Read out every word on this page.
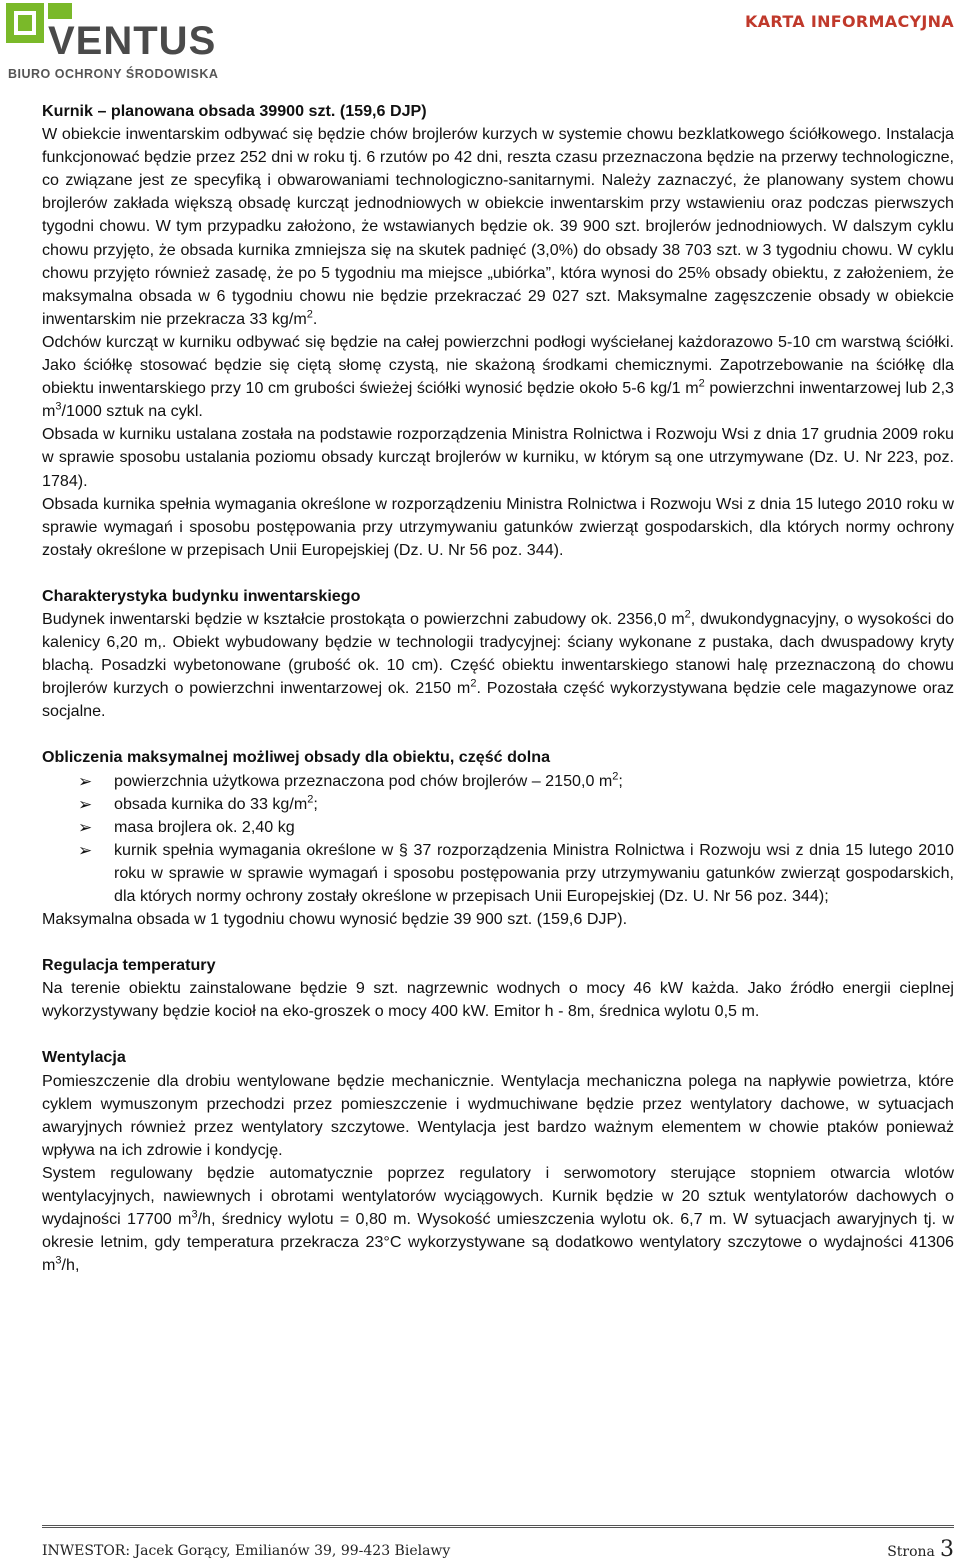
VENTUS
BIURO OCHRONY ŚRODOWISKA
KARTA INFORMACYJNA
Kurnik – planowana obsada 39900 szt. (159,6 DJP)

W obiekcie inwentarskim odbywać się będzie chów brojlerów kurzych w systemie chowu bezklatkowego ściółkowego. Instalacja funkcjonować będzie przez 252 dni w roku tj. 6 rzutów po 42 dni, reszta czasu przeznaczona będzie na przerwy technologiczne, co związane jest ze specyfiką i obwarowaniami technologiczno-sanitarnymi. Należy zaznaczyć, że planowany system chowu brojlerów zakłada większą obsadę kurcząt jednodniowych w obiekcie inwentarskim przy wstawieniu oraz podczas pierwszych tygodni chowu. W tym przypadku założono, że wstawianych będzie ok. 39 900 szt. brojlerów jednodniowych. W dalszym cyklu chowu przyjęto, że obsada kurnika zmniejsza się na skutek padnięć (3,0%) do obsady 38 703 szt. w 3 tygodniu chowu. W cyklu chowu przyjęto również zasadę, że po 5 tygodniu ma miejsce „ubiórka”, która wynosi do 25% obsady obiektu, z założeniem, że maksymalna obsada w 6 tygodniu chowu nie będzie przekraczać 29 027 szt. Maksymalne zagęszczenie obsady w obiekcie inwentarskim nie przekracza 33 $kg/m^2$.

Odchów kurcząt w kurniku odbywać się będzie na całej powierzchni podłogi wyściełanej każdorazowo 5-10 cm warstwą ściółki. Jako ściółkę stosować będzie się ciętą słomę czystą, nie skażoną środkami chemicznymi. Zapotrzebowanie na ściółkę dla obiektu inwentarskiego przy 10 cm grubości świeżej ściółki wynosić będzie około 5-6 kg/1 $m^2$ powierzchni inwentarzowej lub 2,3 $m^3/1000$ sztuk na cykl.

Obsada w kurniku ustalana została na podstawie rozporządzenia Ministra Rolnictwa i Rozwoju Wsi z dnia 17 grudnia 2009 roku w sprawie sposobu ustalania poziomu obsady kurcząt brojlerów w kurniku, w którym są one utrzymywane (Dz. U. Nr 223, poz. 1784).

Obsada kurnika spełnia wymagania określone w rozporządzeniu Ministra Rolnictwa i Rozwoju Wsi z dnia 15 lutego 2010 roku w sprawie wymagań i sposobu postępowania przy utrzymywaniu gatunków zwierząt gospodarskich, dla których normy ochrony zostały określone w przepisach Unii Europejskiej (Dz. U. Nr 56 poz. 344).

Charakterystyka budynku inwentarskiego

Budynek inwentarski będzie w kształcie prostokąta o powierzchni zabudowy ok. 2356,0 $m^2$, dwukondygnacyjny, o wysokości do kalenicy 6,20 m,. Obiekt wybudowany będzie w technologii tradycyjnej: ściany wykonane z pustaka, dach dwuspadowy kryty blachą. Posadzki wybetonowane (grubość ok. 10 cm). Część obiektu inwentarskiego stanowi halę przeznaczoną do chowu brojlerów kurzych o powierzchni inwentarzowej ok. 2150 $m^2$. Pozostała część wykorzystywana będzie cele magazynowe oraz socjalne.

Obliczenia maksymalnej możliwej obsady dla obiektu, część dolna
➢ powierzchnia użytkowa przeznaczona pod chów brojlerów – 2150,0 $m^2$;
➢ obsada kurnika do 33 $kg/m^2$;
➢ masa brojlera ok. 2,40 kg
➢ kurnik spełnia wymagania określone w § 37 rozporządzenia Ministra Rolnictwa i Rozwoju wsi z dnia 15 lutego 2010 roku w sprawie w sprawie wymagań i sposobu postępowania przy utrzymywaniu gatunków zwierząt gospodarskich, dla których normy ochrony zostały określone w przepisach Unii Europejskiej (Dz. U. Nr 56 poz. 344);

Maksymalna obsada w 1 tygodniu chowu wynosić będzie 39 900 szt. (159,6 DJP).

Regulacja temperatury

Na terenie obiektu zainstalowane będzie 9 szt. nagrzewnic wodnych o mocy 46 kW każda. Jako źródło energii cieplnej wykorzystywany będzie kocioł na eko-groszek o mocy 400 kW. Emitor h - 8m, średnica wylotu 0,5 m.

Wentylacja

Pomieszczenie dla drobiu wentylowane będzie mechanicznie. Wentylacja mechaniczna polega na napływie powietrza, które cyklem wymuszonym przechodzi przez pomieszczenie i wydmuchiwane będzie przez wentylatory dachowe, w sytuacjach awaryjnych również przez wentylatory szczytowe. Wentylacja jest bardzo ważnym elementem w chowie ptaków ponieważ wpływa na ich zdrowie i kondycję.

System regulowany będzie automatycznie poprzez regulatory i serwomotory sterujące stopniem otwarcia wlotów wentylacyjnych, nawiewnych i obrotami wentylatorów wyciągowych. Kurnik będzie w 20 sztuk wentylatorów dachowych o wydajności 17700 $m^3/h$, średnicy wylotu = 0,80 m. Wysokość umieszczenia wylotu ok. 6,7 m. W sytuacjach awaryjnych tj. w okresie letnim, gdy temperatura przekracza 23°C wykorzystywane są dodatkowo wentylatory szczytowe o wydajności 41306 $m^3/h$,

INWESTOR: Jacek Gorący, Emilianów 39, 99-423 Bielawy	Strona 3
